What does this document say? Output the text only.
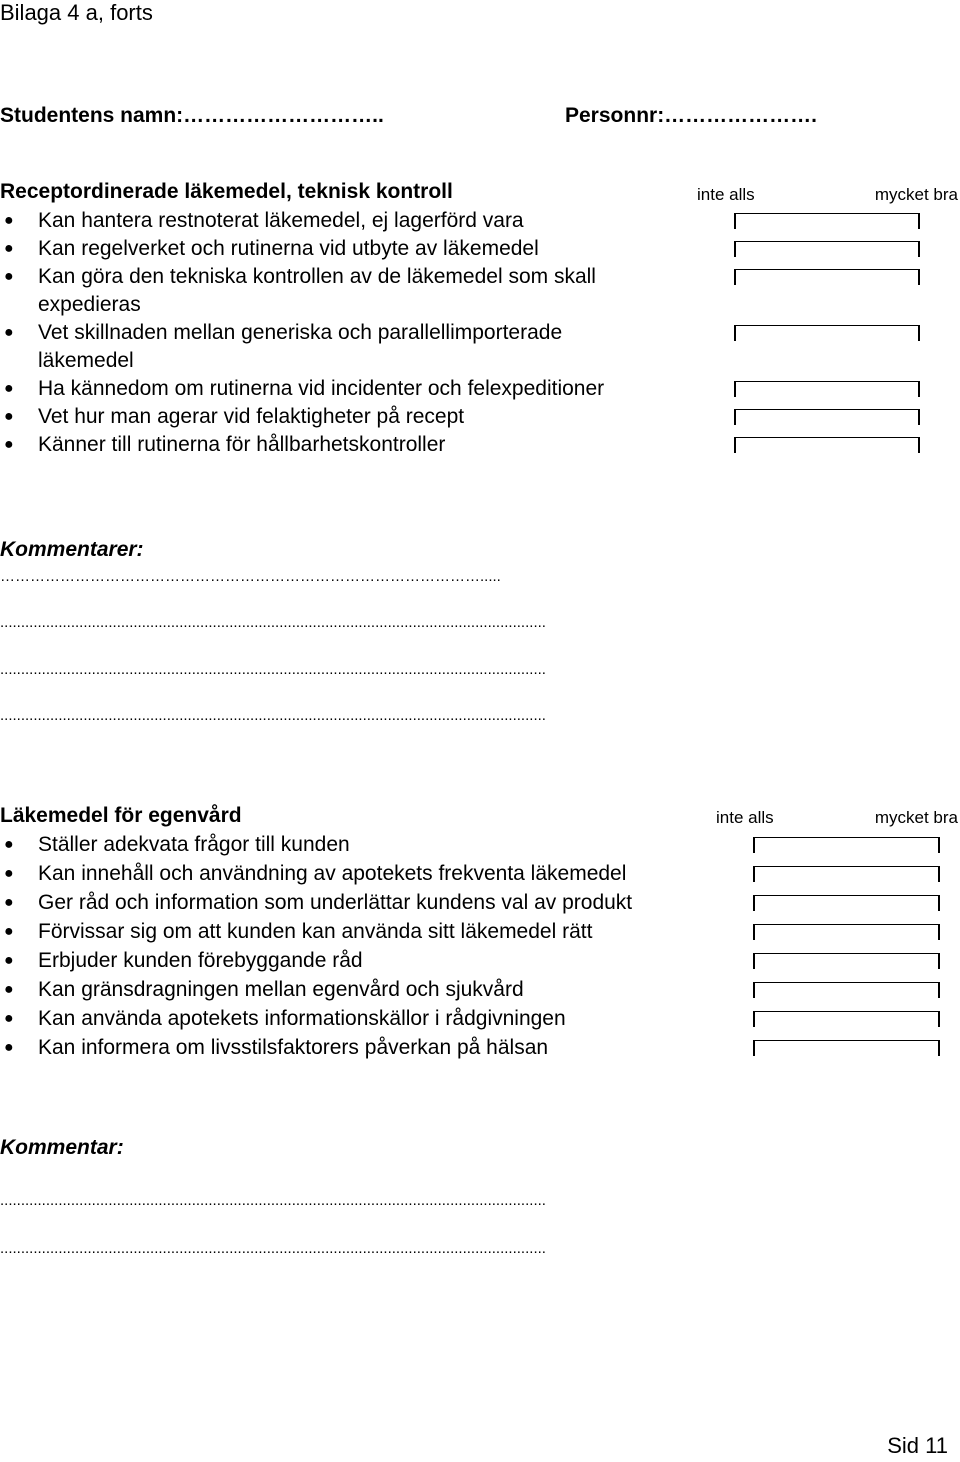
Bilaga 4 a, forts
Studentens namn:………………………..	Personnr:………………….
Receptordinerade läkemedel, teknisk kontroll	inte alls	mycket bra
● Kan hantera restnoterat läkemedel, ej lagerförd vara
● Kan regelverket och rutinerna vid utbyte av läkemedel
● Kan göra den tekniska kontrollen av de läkemedel som skall
expedieras
● Vet skillnaden mellan generiska och parallellimporterade
läkemedel
● Ha kännedom om rutinerna vid incidenter och felexpeditioner
● Vet hur man agerar vid felaktigheter på recept
● Känner till rutinerna för hållbarhetskontroller
Kommentarer:
…………………………………………………………………………………….....
...................................................................................................................................
...................................................................................................................................
...................................................................................................................................
Läkemedel för egenvård	inte alls	mycket bra
● Ställer adekvata frågor till kunden
● Kan innehåll och användning av apotekets frekventa läkemedel
● Ger råd och information som underlättar kundens val av produkt
● Förvissar sig om att kunden kan använda sitt läkemedel rätt
● Erbjuder kunden förebyggande råd
● Kan gränsdragningen mellan egenvård och sjukvård
● Kan använda apotekets informationskällor i rådgivningen
● Kan informera om livsstilsfaktorers påverkan på hälsan
Kommentar:
...................................................................................................................................
...................................................................................................................................
Sid 11
